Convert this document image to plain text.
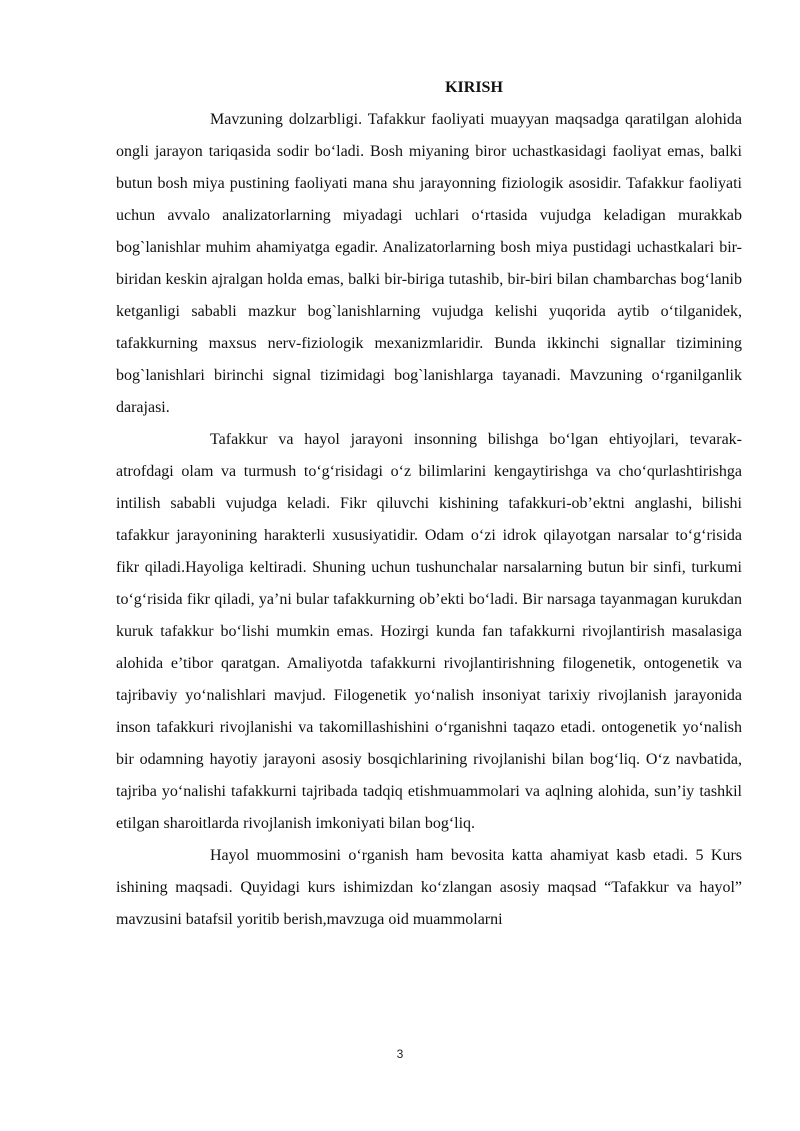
KIRISH

Mavzuning dolzarbligi. Tafakkur faoliyati muayyan maqsadga qaratilgan alohida ongli jarayon tariqasida sodir bo‘ladi. Bosh miyaning biror uchastkasidagi faoliyat emas, balki butun bosh miya pustining faoliyati mana shu jarayonning fiziologik asosidir. Tafakkur faoliyati uchun avvalo analizatorlarning miyadagi uchlari o‘rtasida vujudga keladigan murakkab bog`lanishlar muhim ahamiyatga egadir. Analizatorlarning bosh miya pustidagi uchastkalari bir-biridan keskin ajralgan holda emas, balki bir-biriga tutashib, bir-biri bilan chambarchas bog‘lanib ketganligi sababli mazkur bog`lanishlarning vujudga kelishi yuqorida aytib o‘tilganidek, tafakkurning maxsus nerv-fiziologik mexanizmlaridir. Bunda ikkinchi signallar tizimining bog`lanishlari birinchi signal tizimidagi bog`lanishlarga tayanadi. Mavzuning o‘rganilganlik darajasi.

Tafakkur va hayol jarayoni insonning bilishga bo‘lgan ehtiyojlari, tevarak- atrofdagi olam va turmush to‘g‘risidagi o‘z bilimlarini kengaytirishga va cho‘qurlashtirishga intilish sababli vujudga keladi. Fikr qiluvchi kishining tafakkuri-ob’ektni anglashi, bilishi tafakkur jarayonining harakterli xususiyatidir. Odam o‘zi idrok qilayotgan narsalar to‘g‘risida fikr qiladi.Hayoliga keltiradi. Shuning uchun tushunchalar narsalarning butun bir sinfi, turkumi to‘g‘risida fikr qiladi, ya’ni bular tafakkurning ob’ekti bo‘ladi. Bir narsaga tayanmagan kurukdan kuruk tafakkur bo‘lishi mumkin emas. Hozirgi kunda fan tafakkurni rivojlantirish masalasiga alohida e’tibor qaratgan. Amaliyotda tafakkurni rivojlantirishning filogenetik, ontogenetik va tajribaviy yo‘nalishlari mavjud. Filogenetik yo‘nalish insoniyat tarixiy rivojlanish jarayonida inson tafakkuri rivojlanishi va takomillashishini o‘rganishni taqazo etadi. ontogenetik yo‘nalish bir odamning hayotiy jarayoni asosiy bosqichlarining rivojlanishi bilan bog‘liq. O‘z navbatida, tajriba yo‘nalishi tafakkurni tajribada tadqiq etishmuammolari va aqlning alohida, sun’iy tashkil etilgan sharoitlarda rivojlanish imkoniyati bilan bog‘liq.

Hayol muommosini o‘rganish ham bevosita katta ahamiyat kasb etadi. 5 Kurs ishining maqsadi. Quyidagi kurs ishimizdan ko‘zlangan asosiy maqsad “Tafakkur va hayol” mavzusini batafsil yoritib berish,mavzuga oid muammolarni

3
